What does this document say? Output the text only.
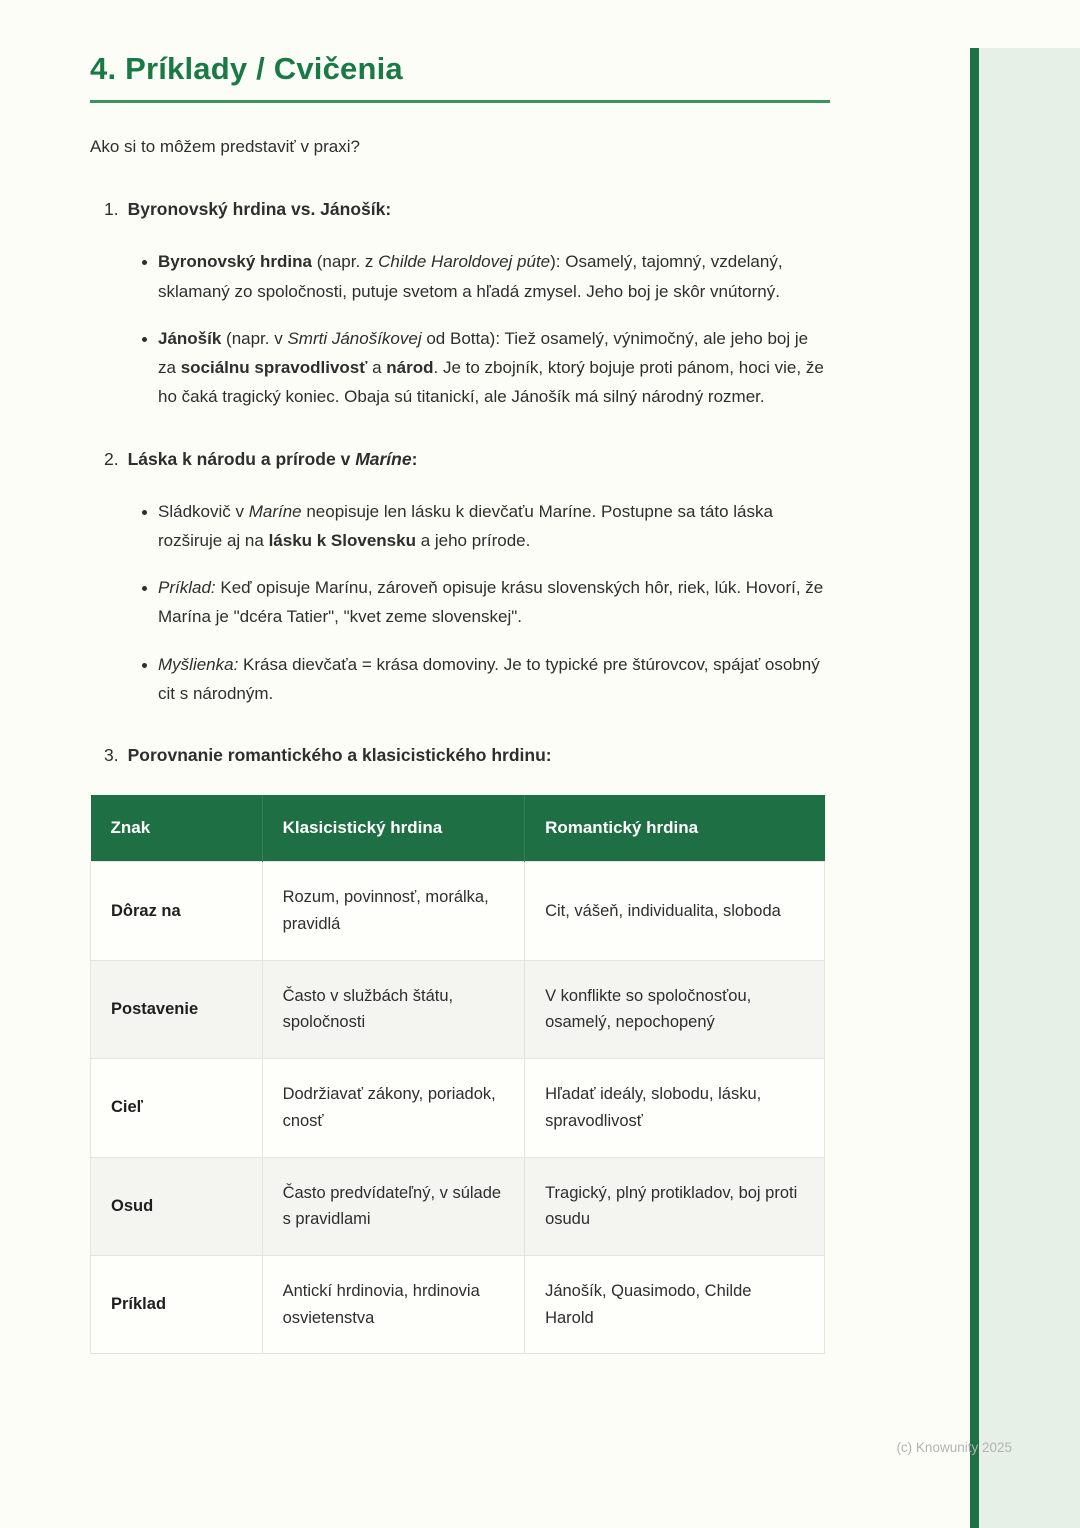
4. Príklady / Cvičenia

Ako si to môžem predstaviť v praxi?

1. Byronovský hrdina vs. Jánošík:
• Byronovský hrdina (napr. z Childe Haroldovej púte): Osamelý, tajomný, vzdelaný, sklamaný zo spoločnosti, putuje svetom a hľadá zmysel. Jeho boj je skôr vnútorný.
• Jánošík (napr. v Smrti Jánošíkovej od Botta): Tiež osamelý, výnimočný, ale jeho boj je za sociálnu spravodlivosť a národ. Je to zbojník, ktorý bojuje proti pánom, hoci vie, že ho čaká tragický koniec. Obaja sú titanickí, ale Jánošík má silný národný rozmer.
2. Láska k národu a prírode v Maríne:
• Sládkovič v Maríne neopisuje len lásku k dievčaťu Maríne. Postupne sa táto láska rozširuje aj na lásku k Slovensku a jeho prírode.
• Príklad: Keď opisuje Marínu, zároveň opisuje krásu slovenských hôr, riek, lúk. Hovorí, že Marína je "dcéra Tatier", "kvet zeme slovenskej".
• Myšlienka: Krása dievčaťa = krása domoviny. Je to typické pre štúrovcov, spájať osobný cit s národným.
3. Porovnanie romantického a klasicistického hrdinu:
Znak	Klasicistický hrdina	Romantický hrdina
Dôraz na	Rozum, povinnosť, morálka, pravidlá	Cit, vášeň, individualita, sloboda
Postavenie	Často v službách štátu, spoločnosti	V konflikte so spoločnosťou, osamelý, nepochopený
Cieľ	Dodržiavať zákony, poriadok, cnosť	Hľadať ideály, slobodu, lásku, spravodlivosť
Osud	Často predvídateľný, v súlade s pravidlami	Tragický, plný protikladov, boj proti osudu
Príklad	Antickí hrdinovia, hrdinovia osvietenstva	Jánošík, Quasimodo, Childe Harold
(c) Knowunity 2025
